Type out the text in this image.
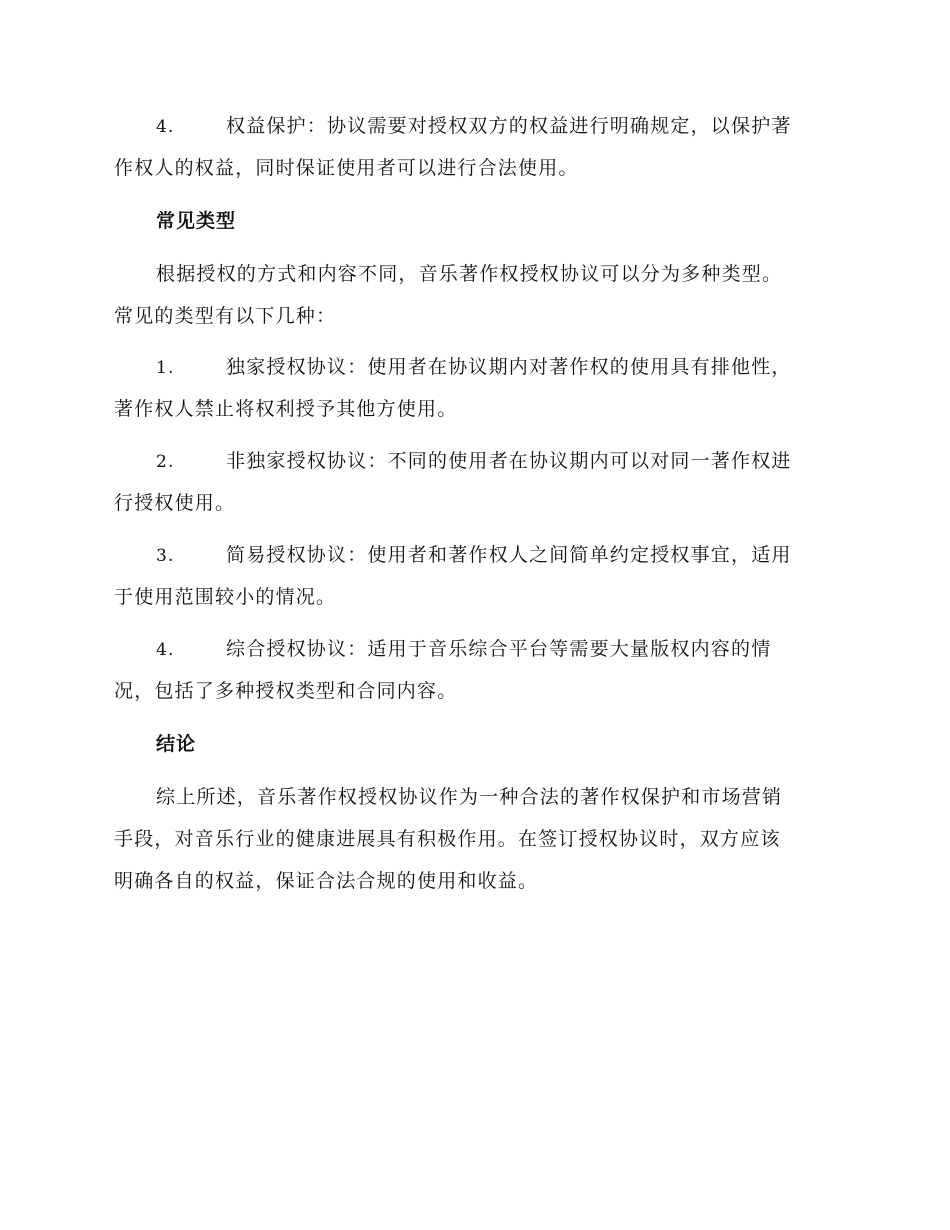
4.	权益保护：协议需要对授权双方的权益进行明确规定，以保护著
作权人的权益，同时保证使用者可以进行合法使用。
常见类型
根据授权的方式和内容不同，音乐著作权授权协议可以分为多种类型。
常见的类型有以下几种：
1.	独家授权协议：使用者在协议期内对著作权的使用具有排他性，
著作权人禁止将权利授予其他方使用。
2.	非独家授权协议：不同的使用者在协议期内可以对同一著作权进
行授权使用。
3.	简易授权协议：使用者和著作权人之间简单约定授权事宜，适用
于使用范围较小的情况。
4.	综合授权协议：适用于音乐综合平台等需要大量版权内容的情
况，包括了多种授权类型和合同内容。
结论
综上所述，音乐著作权授权协议作为一种合法的著作权保护和市场营销
手段，对音乐行业的健康进展具有积极作用。在签订授权协议时，双方应该
明确各自的权益，保证合法合规的使用和收益。
